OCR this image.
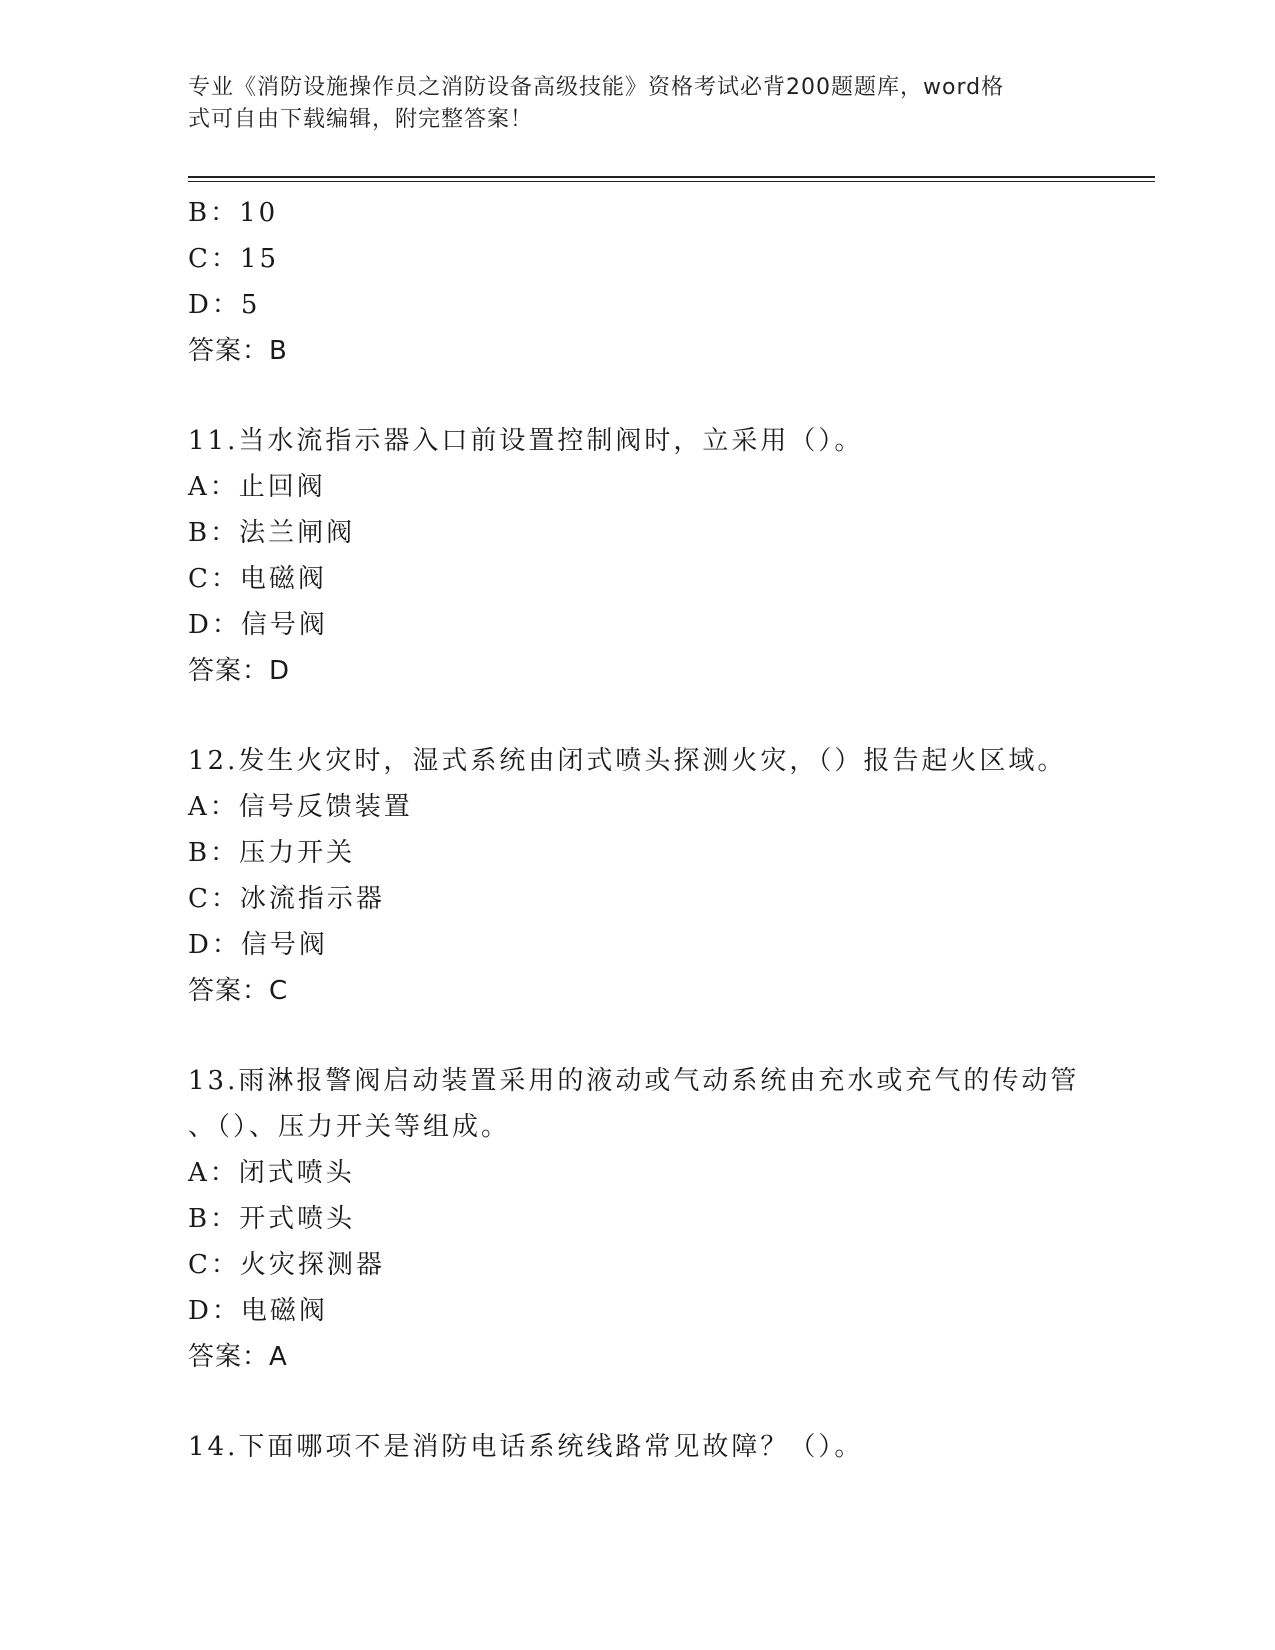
专业《消防设施操作员之消防设备高级技能》资格考试必背200题题库，word格
式可自由下载编辑，附完整答案！
B：10
C：15
D：5
答案：B
11.当水流指示器入口前设置控制阀时，立采用（）。
A：止回阀
B：法兰闸阀
C：电磁阀
D：信号阀
答案：D
12.发生火灾时，湿式系统由闭式喷头探测火灾，（）报告起火区域。
A：信号反馈装置
B：压力开关
C：冰流指示器
D：信号阀
答案：C
13.雨淋报警阀启动装置采用的液动或气动系统由充水或充气的传动管
、（）、压力开关等组成。
A：闭式喷头
B：开式喷头
C：火灾探测器
D：电磁阀
答案：A
14.下面哪项不是消防电话系统线路常见故障？（）。
